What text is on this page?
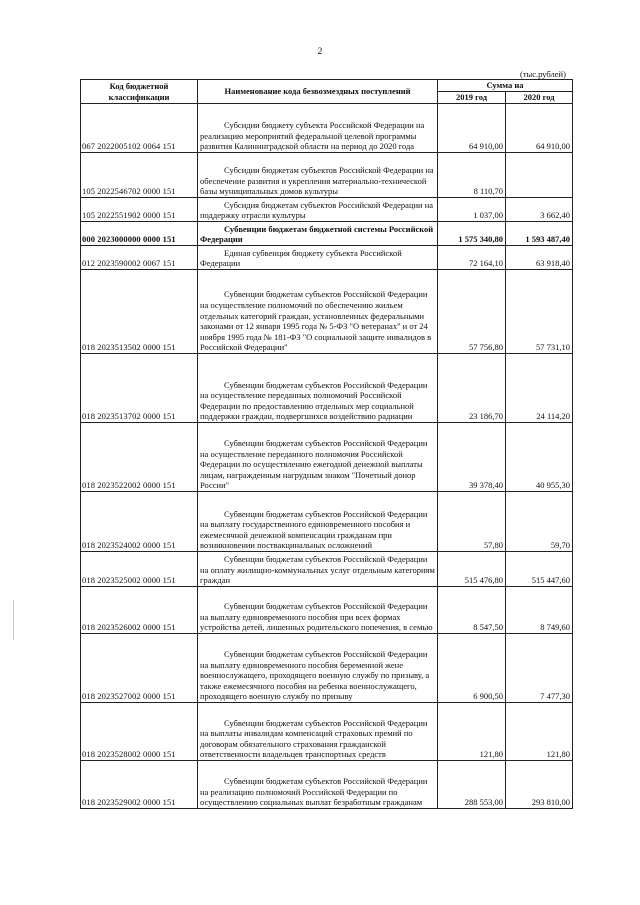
2
(тыс.рублей)
Код бюджетной классификации	Наименование кода безвозмездных поступлений	Сумма на	
		2019 год	2020 год
067 2022005102 0064 151	Субсидии бюджету субъекта Российской Федерации на реализацию мероприятий федеральной целевой программы развития Калининградской области на период до 2020 года	64 910,00	64 910,00
105 2022546702 0000 151	Субсидии бюджетам субъектов Российской Федерации на обеспечение развития и укрепления материально-технической базы муниципальных домов культуры	8 110,70	
105 2022551902 0000 151	Субсидия бюджетам субъектов Российской Федерации на поддержку отрасли культуры	1 037,00	3 662,40
000 2023000000 0000 151	Субвенции бюджетам бюджетной системы Российской Федерации	1 575 340,80	1 593 487,40
012 2023590002 0067 151	Единая субвенция бюджету субъекта Российской Федерации	72 164,10	63 918,40
018 2023513502 0000 151	Субвенции бюджетам субъектов Российской Федерации на осуществление полномочий по обеспечению жильем отдельных категорий граждан, установленных федеральными законами от 12 января 1995 года № 5-ФЗ "О ветеранах" и от 24 ноября 1995 года № 181-ФЗ "О социальной защите инвалидов в Российской Федерации"	57 756,80	57 731,10
018 2023513702 0000 151	Субвенции бюджетам субъектов Российской Федерации на осуществление переданных полномочий Российской Федерации по предоставлению отдельных мер социальной поддержки граждан, подвергшихся воздействию радиации	23 186,70	24 114,20
018 2023522002 0000 151	Субвенции бюджетам субъектов Российской Федерации на осуществление переданного полномочия Российской Федерации по осуществлению ежегодной денежной выплаты лицам, награжденным нагрудным знаком "Почетный донор России"	39 378,40	40 955,30
018 2023524002 0000 151	Субвенции бюджетам субъектов Российской Федерации на выплату государственного единовременного пособия и ежемесячной денежной компенсации гражданам при возникновении поствакцинальных осложнений	57,80	59,70
018 2023525002 0000 151	Субвенции бюджетам субъектов Российской Федерации на оплату жилищно-коммунальных услуг отдельным категориям граждан	515 476,80	515 447,60
018 2023526002 0000 151	Субвенции бюджетам субъектов Российской Федерации на выплату единовременного пособия при всех формах устройства детей, лишенных родительского попечения, в семью	8 547,50	8 749,60
018 2023527002 0000 151	Субвенции бюджетам субъектов Российской Федерации на выплату единовременного пособия беременной жене военнослужащего, проходящего военную службу по призыву, а также ежемесячного пособия на ребенка военнослужащего, проходящего военную службу по призыву	6 900,50	7 477,30
018 2023528002 0000 151	Субвенции бюджетам субъектов Российской Федерации на выплаты инвалидам компенсаций страховых премий по договорам обязательного страхования гражданской ответственности владельцев транспортных средств	121,80	121,80
018 2023529002 0000 151	Субвенции бюджетам субъектов Российской Федерации на реализацию полномочий Российской Федерации по осуществлению социальных выплат безработным гражданам	288 553,00	293 810,00
